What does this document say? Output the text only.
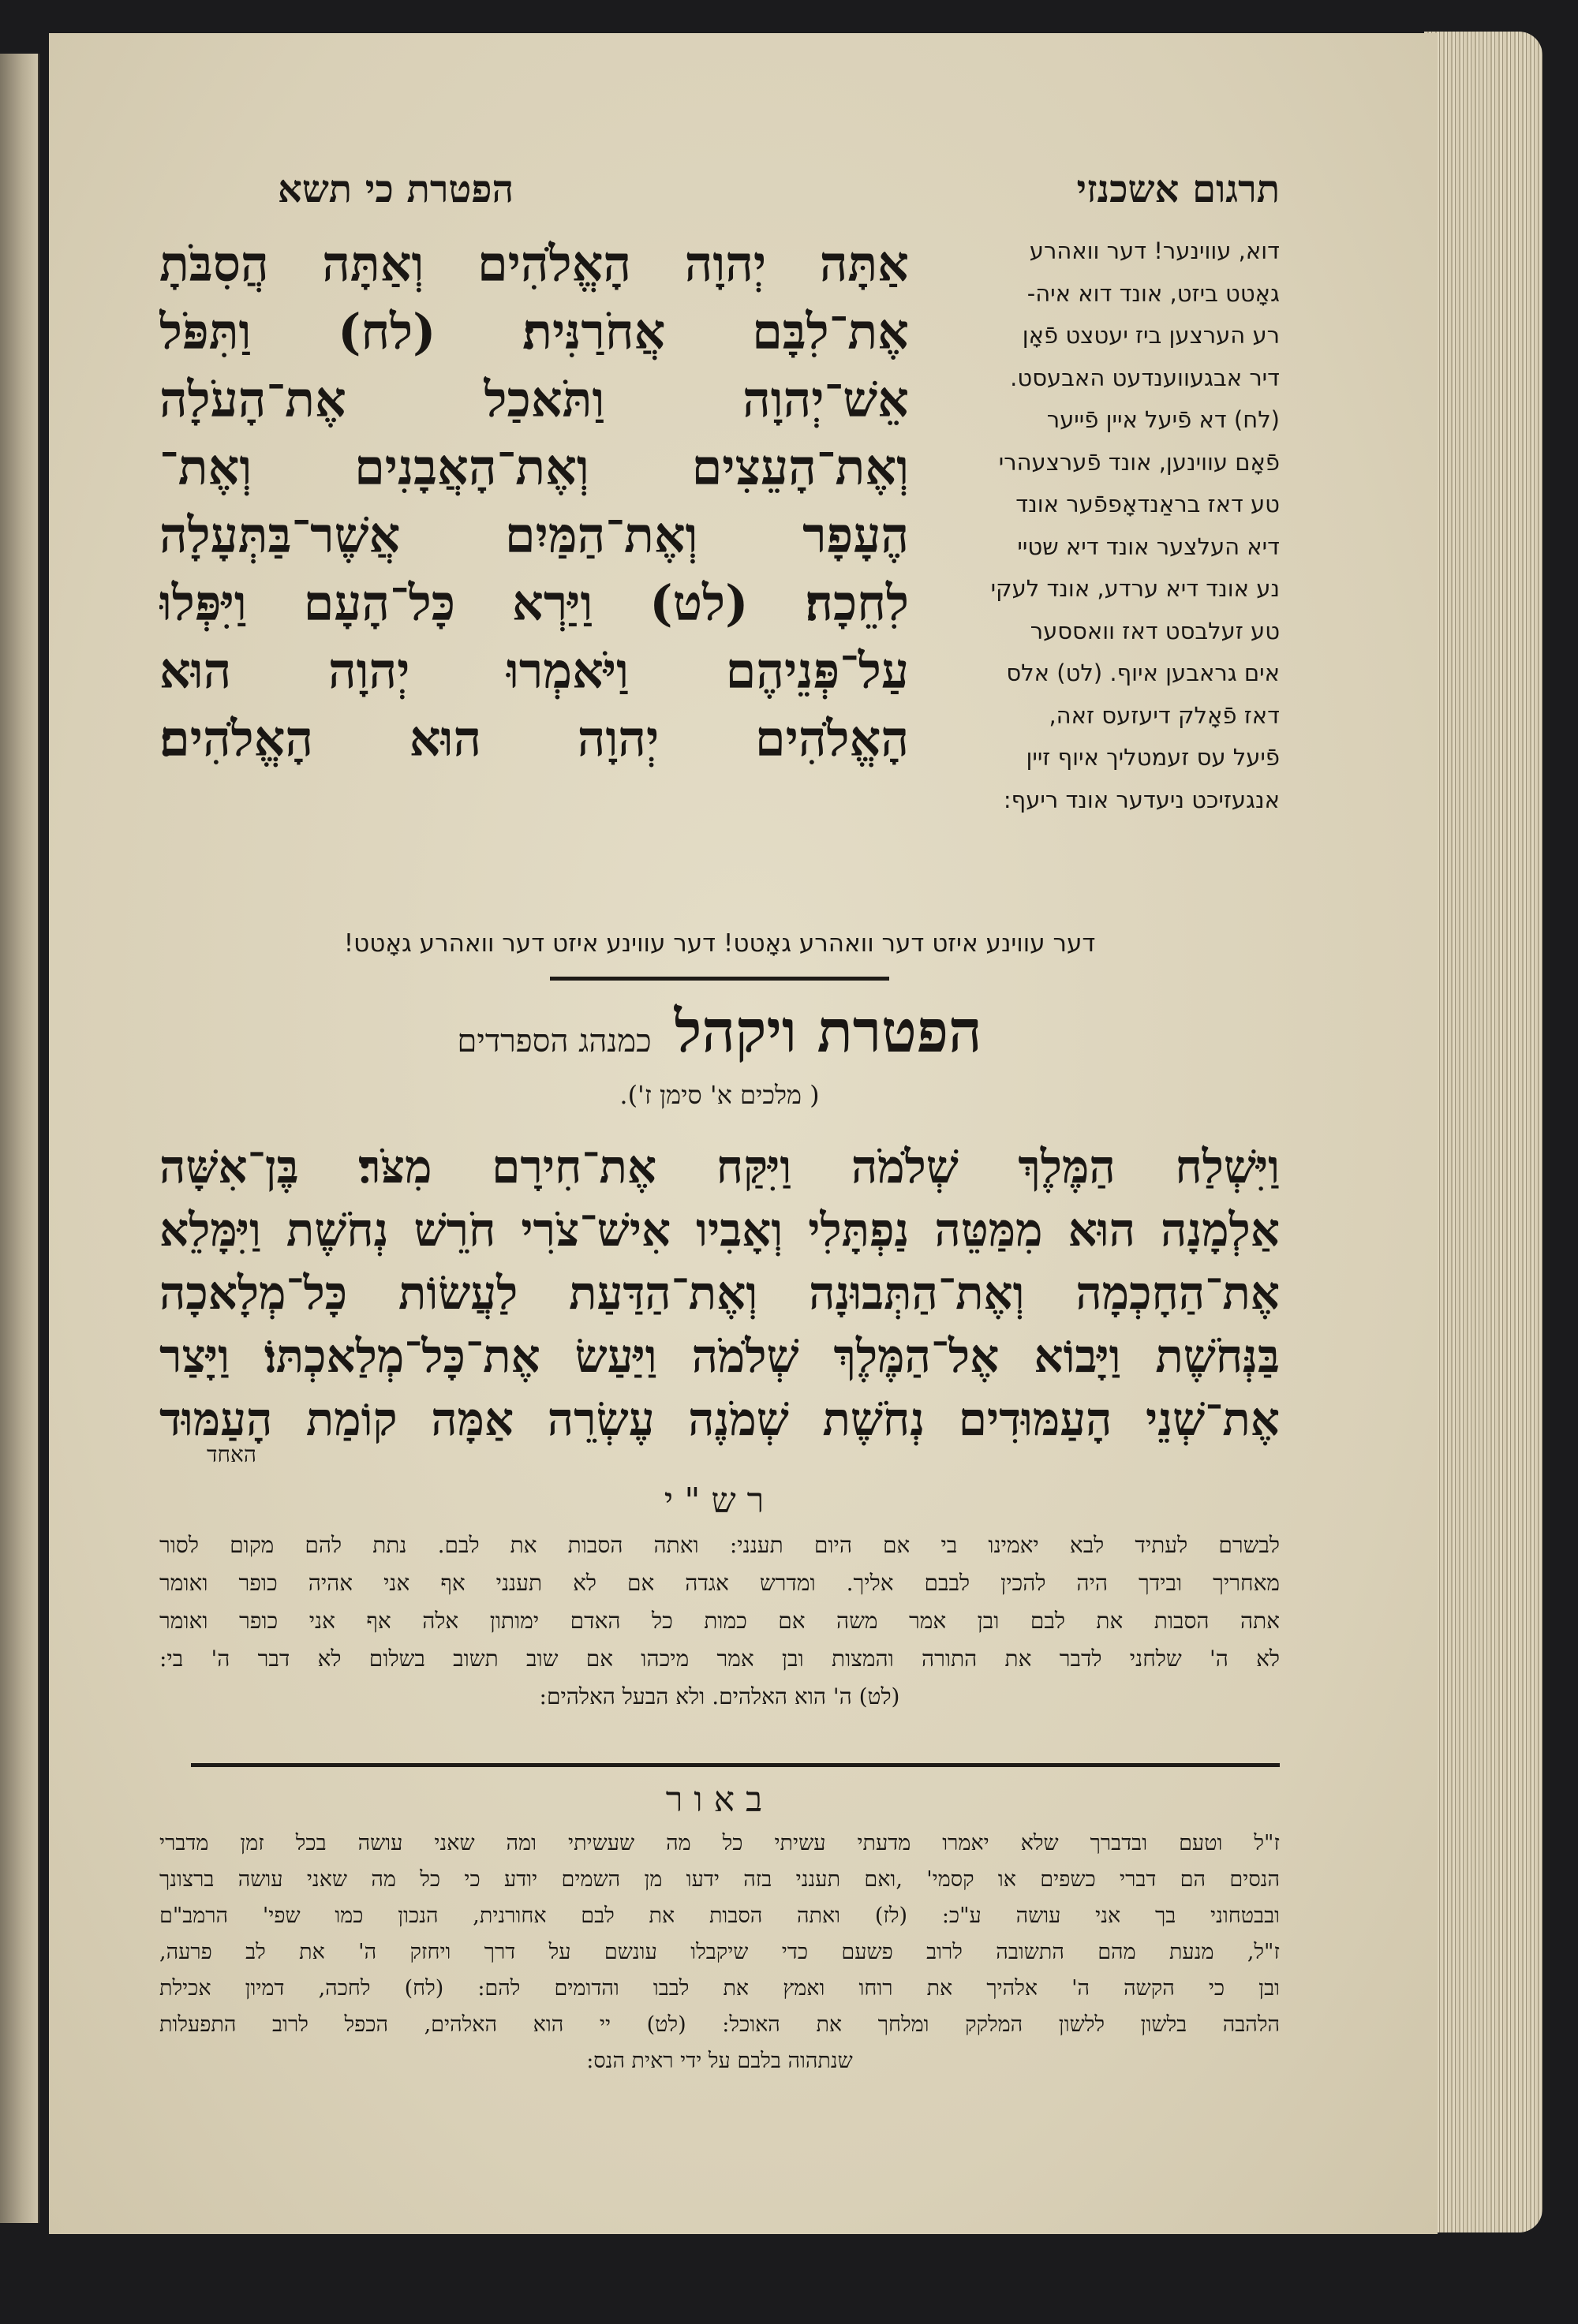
תרגום אשכנזי
הפטרת כי תשא
דוא, עווינער! דער וואהרע
גאָטט ביזט, אונד דוא איה-
רע הערצען ביז יעטצט פֿאָן
דיר אבגעווענדעט האבעסט.
(לח) דא פֿיעל איין פֿייער
פֿאָם עווינען, אונד פֿערצעהרי
טע דאז בראַנדאָפפֿער אונד
דיא העלצער אונד דיא שטיי
נע אונד דיא ערדע, אונד לעקי
טע זעלבסט דאז וואססער
אים גראבען איוף. (לט) אלס
דאז פֿאָלק דיעזעס זאה,
פֿיעל עס זעמטליך איוף זיין
אנגעזיכט ניעדער אונד ריעף:
אַתָּה יְהוָה הָאֱלֹהִים וְאַתָּה הֲסִבֹּתָ
אֶת־לִבָּם אֲחֹרַנִּית׃ (לח) וַתִּפֹּל
אֵשׁ־יְהוָה וַתֹּאכַל אֶת־הָעֹלָה
וְאֶת־הָעֵצִים וְאֶת־הָאֲבָנִים וְאֶת־
הֶעָפָר וְאֶת־הַמַּיִם אֲשֶׁר־בַּתְּעָלָה
לִחֵכָה׃ (לט) וַיַּרְא כָּל־הָעָם וַיִּפְּלוּ
עַל־פְּנֵיהֶם וַיֹּאמְרוּ יְהוָה הוּא
הָאֱלֹהִים יְהוָה הוּא הָאֱלֹהִים׃
דער עווינע איזט דער וואהרע גאָטט! דער עווינע איזט דער וואהרע גאָטט!
הפטרת ויקהל כמנהג הספרדים
( מלכים א' סימן ז').
וַיִּשְׁלַח הַמֶּלֶךְ שְׁלֹמֹה וַיִּקַּח אֶת־חִירָם מִצֹּר׃ בֶּן־אִשָּׁה
אַלְמָנָה הוּא מִמַּטֵּה נַפְתָּלִי וְאָבִיו אִישׁ־צֹרִי חֹרֵשׁ נְחֹשֶׁת וַיִּמָּלֵא
אֶת־הַחָכְמָה וְאֶת־הַתְּבוּנָה וְאֶת־הַדַּעַת לַעֲשׂוֹת כָּל־מְלָאכָה
בַּנְּחֹשֶׁת וַיָּבוֹא אֶל־הַמֶּלֶךְ שְׁלֹמֹה וַיַּעַשׂ אֶת־כָּל־מְלַאכְתּוֹ׃ וַיָּצַר
אֶת־שְׁנֵי הָעַמּוּדִים נְחֹשֶׁת שְׁמֹנֶה עֶשְׂרֵה אַמָּה קוֹמַת הָעַמּוּד
האחד
רש"י
לבשרם לעתיד לבא יאמינו בי אם היום תענני: ואתה הסבות את לבם. נתת להם מקום לסור
מאחריך ובידך היה להכין לבבם אליך. ומדרש אגדה אם לא תענני אף אני אהיה כופר ואומר
אתה הסבות את לבם ובן אמר משה אם כמות כל האדם ימותון אלה אף אני כופר ואומר
לא ה' שלחני לדבר את התורה והמצות ובן אמר מיכהו אם שוב תשוב בשלום לא דבר ה' בי:
(לט) ה' הוא האלהים. ולא הבעל האלהים:
באור
ז"ל וטעם ובדברך שלא יאמרו מדעתי עשיתי כל מה שעשיתי ומה שאני עושה בכל זמן מדברי
הנסים הם דברי כשפים או קסמי' ,ואם תענני בזה ידעו מן השמים יודע כי כל מה שאני עושה ברצונך
ובבטחוני בך אני עושה ע"כ: (לז) ואתה הסבות את לבם אחורנית, הנכון כמו שפי' הרמב"ם
ז"ל, מנעת מהם התשובה לרוב פשעם כדי שיקבלו עונשם על דרך ויחזק ה' את לב פרעה,
ובן כי הקשה ה' אלהיך את רוחו ואמץ את לבבו והדומים להם: (לח) לחכה, דמיון אכילת
הלהבה בלשון ללשון המלקק ומלחך את האוכל: (לט) יי הוא האלהים, הכפל לרוב התפעלות
שנתהוה בלבם על ידי ראית הנס:
